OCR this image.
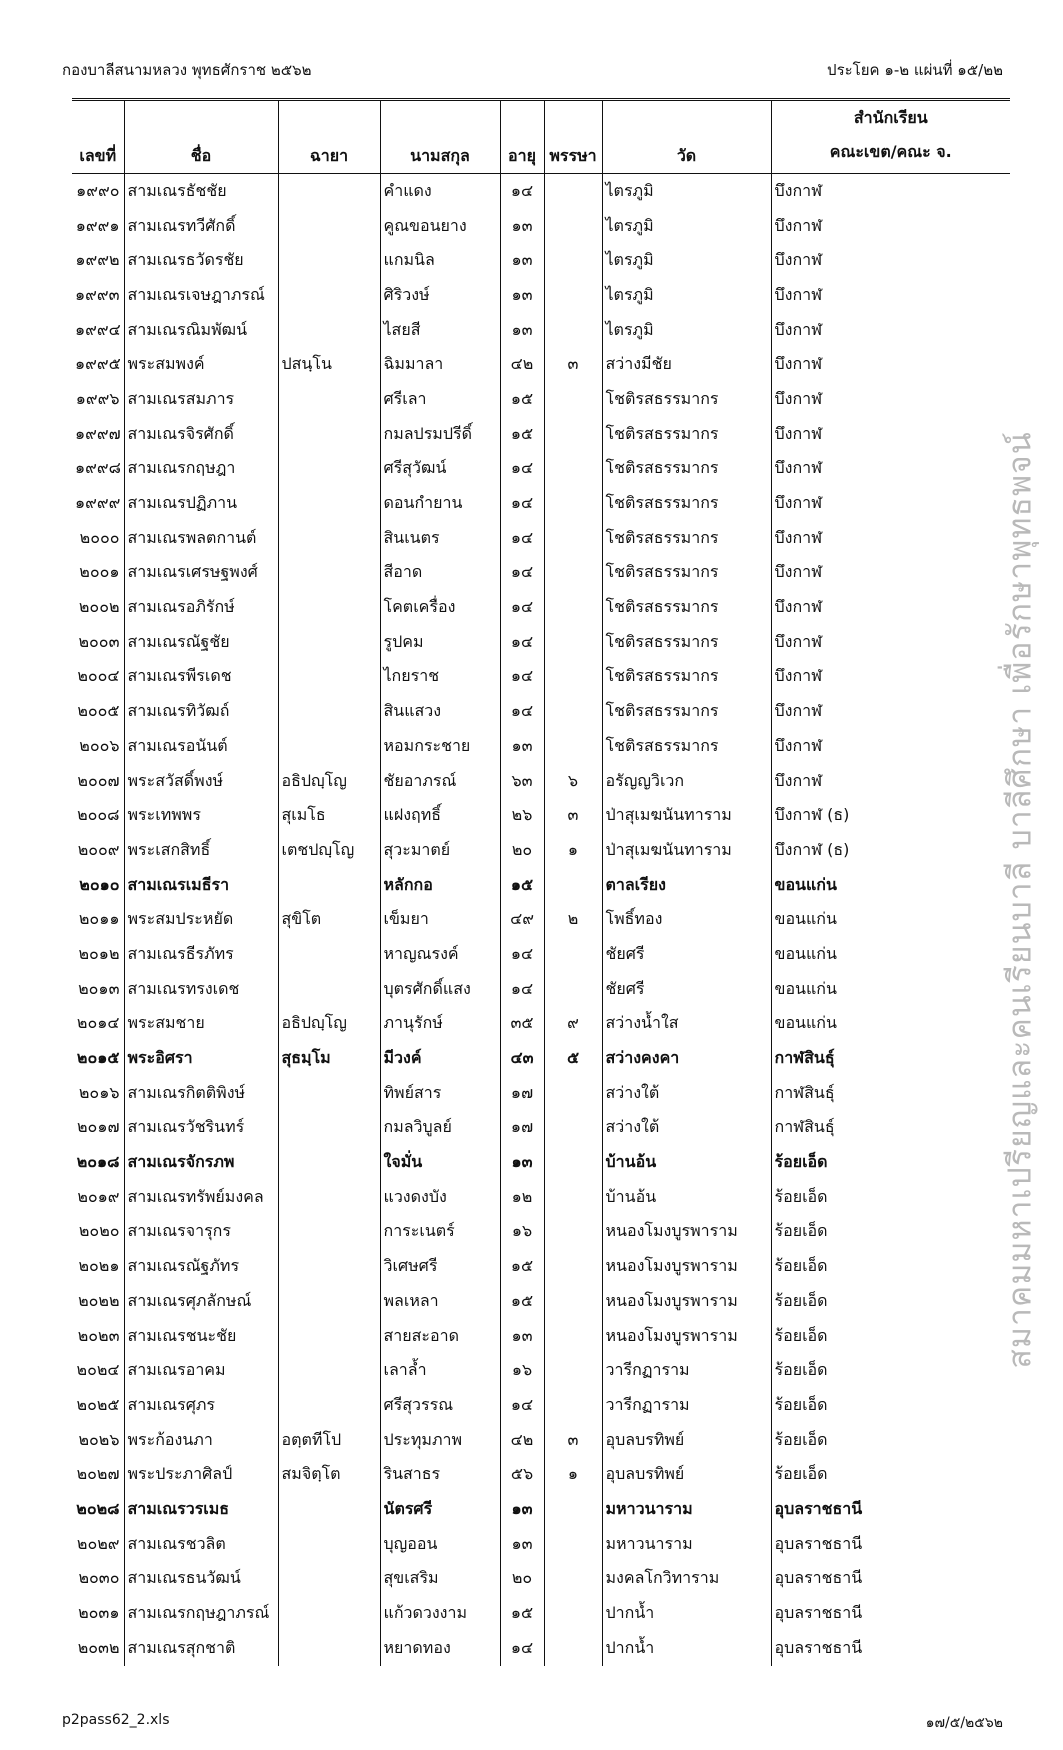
กองบาลีสนามหลวง พุทธศักราช ๒๕๖๒	ประโยค ๑-๒ แผ่นที่ ๑๕/๒๒
สมาคมมหาเปรียญและคนเรียนบาลี บาลีศึกษา เพื่อรักษาพุทธพจน์
เลขที่	ชื่อ	ฉายา	นามสกุล	อายุ	พรรษา	วัด	สำนักเรียน
คณะเขต/คณะ จ.

๑๙๙๐	สามเณรธัชชัย		คำแดง	๑๔		ไตรภูมิ	บึงกาฬ
๑๙๙๑	สามเณรทวีศักดิ์		คูณขอนยาง	๑๓		ไตรภูมิ	บึงกาฬ
๑๙๙๒	สามเณรธวัดรชัย		แกมนิล	๑๓		ไตรภูมิ	บึงกาฬ
๑๙๙๓	สามเณรเจษฎาภรณ์		ศิริวงษ์	๑๓		ไตรภูมิ	บึงกาฬ
๑๙๙๔	สามเณรณิมพัฒน์		ไสยสี	๑๓		ไตรภูมิ	บึงกาฬ
๑๙๙๕	พระสมพงค์	ปสนฺโน	ฉิมมาลา	๔๒	๓	สว่างมีชัย	บึงกาฬ
๑๙๙๖	สามเณรสมภาร		ศรีเลา	๑๕		โชติรสธรรมากร	บึงกาฬ
๑๙๙๗	สามเณรจิรศักดิ์		กมลปรมปรีดิ์	๑๕		โชติรสธรรมากร	บึงกาฬ
๑๙๙๘	สามเณรกฤษฎา		ศรีสุวัฒน์	๑๔		โชติรสธรรมากร	บึงกาฬ
๑๙๙๙	สามเณรปฏิภาน		ดอนกำยาน	๑๔		โชติรสธรรมากร	บึงกาฬ
๒๐๐๐	สามเณรพลตกานต์		สินเนตร	๑๔		โชติรสธรรมากร	บึงกาฬ
๒๐๐๑	สามเณรเศรษฐพงศ์		สีอาด	๑๔		โชติรสธรรมากร	บึงกาฬ
๒๐๐๒	สามเณรอภิรักษ์		โคตเครื่อง	๑๔		โชติรสธรรมากร	บึงกาฬ
๒๐๐๓	สามเณรณัฐชัย		รูปคม	๑๔		โชติรสธรรมากร	บึงกาฬ
๒๐๐๔	สามเณรพีรเดช		ไกยราช	๑๔		โชติรสธรรมากร	บึงกาฬ
๒๐๐๕	สามเณรทิวัฒถ์		สินแสวง	๑๔		โชติรสธรรมากร	บึงกาฬ
๒๐๐๖	สามเณรอนันต์		หอมกระชาย	๑๓		โชติรสธรรมากร	บึงกาฬ
๒๐๐๗	พระสวัสดิ์พงษ์	อธิปญฺโญ	ชัยอาภรณ์	๖๓	๖	อรัญญวิเวก	บึงกาฬ
๒๐๐๘	พระเทพพร	สุเมโธ	แฝงฤทธิ์	๒๖	๓	ป่าสุเมฆนันทาราม	บึงกาฬ (ธ)
๒๐๐๙	พระเสกสิทธิ์	เตชปญฺโญ	สุวะมาตย์	๒๐	๑	ป่าสุเมฆนันทาราม	บึงกาฬ (ธ)
๒๐๑๐	สามเณรเมธีรา		หลักกอ	๑๕		ตาลเรียง	ขอนแก่น
๒๐๑๑	พระสมประหยัด	สุขิโต	เข็มยา	๔๙	๒	โพธิ์ทอง	ขอนแก่น
๒๐๑๒	สามเณรธีรภัทร		หาญณรงค์	๑๔		ชัยศรี	ขอนแก่น
๒๐๑๓	สามเณรทรงเดช		บุตรศักดิ์แสง	๑๔		ชัยศรี	ขอนแก่น
๒๐๑๔	พระสมชาย	อธิปญฺโญ	ภานุรักษ์	๓๕	๙	สว่างน้ำใส	ขอนแก่น
๒๐๑๕	พระอิศรา	สุธมฺโม	มีวงค์	๔๓	๕	สว่างคงคา	กาฬสินธุ์
๒๐๑๖	สามเณรกิตติพิงษ์		ทิพย์สาร	๑๗		สว่างใต้	กาฬสินธุ์
๒๐๑๗	สามเณรวัชรินทร์		กมลวิบูลย์	๑๗		สว่างใต้	กาฬสินธุ์
๒๐๑๘	สามเณรจักรภพ		ใจมั่น	๑๓		บ้านอ้น	ร้อยเอ็ด
๒๐๑๙	สามเณรทรัพย์มงคล		แวงดงบัง	๑๒		บ้านอ้น	ร้อยเอ็ด
๒๐๒๐	สามเณรจารุกร		การะเนตร์	๑๖		หนองโมงบูรพาราม	ร้อยเอ็ด
๒๐๒๑	สามเณรณัฐภัทร		วิเศษศรี	๑๕		หนองโมงบูรพาราม	ร้อยเอ็ด
๒๐๒๒	สามเณรศุภลักษณ์		พลเหลา	๑๕		หนองโมงบูรพาราม	ร้อยเอ็ด
๒๐๒๓	สามเณรชนะชัย		สายสะอาด	๑๓		หนองโมงบูรพาราม	ร้อยเอ็ด
๒๐๒๔	สามเณรอาคม		เลาล้ำ	๑๖		วารีกฏาราม	ร้อยเอ็ด
๒๐๒๕	สามเณรศุภร		ศรีสุวรรณ	๑๔		วารีกฏาราม	ร้อยเอ็ด
๒๐๒๖	พระก้องนภา	อตฺตทีโป	ประทุมภาพ	๔๒	๓	อุบลบรทิพย์	ร้อยเอ็ด
๒๐๒๗	พระประภาศิลป์	สมจิตฺโต	รินสาธร	๕๖	๑	อุบลบรทิพย์	ร้อยเอ็ด
๒๐๒๘	สามเณรวรเมธ		นัตรศรี	๑๓		มหาวนาราม	อุบลราชธานี
๒๐๒๙	สามเณรชวลิต		บุญออน	๑๓		มหาวนาราม	อุบลราชธานี
๒๐๓๐	สามเณรธนวัฒน์		สุขเสริม	๒๐		มงคลโกวิทาราม	อุบลราชธานี
๒๐๓๑	สามเณรกฤษฎาภรณ์		แก้วดวงงาม	๑๕		ปากน้ำ	อุบลราชธานี
๒๐๓๒	สามเณรสุกชาติ		หยาดทอง	๑๔		ปากน้ำ	อุบลราชธานี
p2pass62_2.xls	๑๗/๕/๒๕๖๒
